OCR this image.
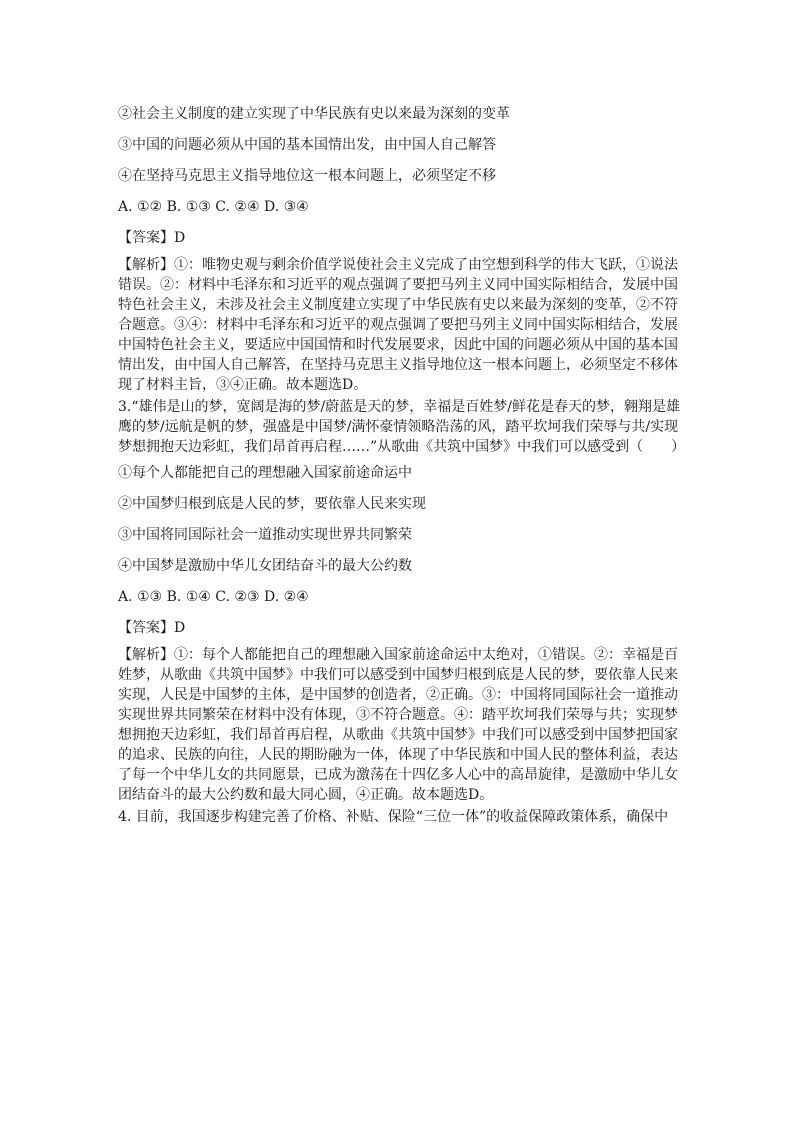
②社会主义制度的建立实现了中华民族有史以来最为深刻的变革
③中国的问题必须从中国的基本国情出发，由中国人自己解答
④在坚持马克思主义指导地位这一根本问题上，必须坚定不移
A. ①② B. ①③ C. ②④ D. ③④
【答案】D
【解析】①：唯物史观与剩余价值学说使社会主义完成了由空想到科学的伟大飞跃，①说法
错误。②：材料中毛泽东和习近平的观点强调了要把马列主义同中国实际相结合，发展中国
特色社会主义，未涉及社会主义制度建立实现了中华民族有史以来最为深刻的变革，②不符
合题意。③④：材料中毛泽东和习近平的观点强调了要把马列主义同中国实际相结合，发展
中国特色社会主义，要适应中国国情和时代发展要求，因此中国的问题必须从中国的基本国
情出发，由中国人自己解答，在坚持马克思主义指导地位这一根本问题上，必须坚定不移体
现了材料主旨，③④正确。故本题选D。
3.“雄伟是山的梦，宽阔是海的梦/蔚蓝是天的梦，幸福是百姓梦/鲜花是春天的梦，翱翔是雄
鹰的梦/远航是帆的梦，强盛是中国梦/满怀豪情领略浩荡的风，踏平坎坷我们荣辱与共/实现
梦想拥抱天边彩虹，我们昂首再启程……”从歌曲《共筑中国梦》中我们可以感受到（　　）
①每个人都能把自己的理想融入国家前途命运中
②中国梦归根到底是人民的梦，要依靠人民来实现
③中国将同国际社会一道推动实现世界共同繁荣
④中国梦是激励中华儿女团结奋斗的最大公约数
A. ①③ B. ①④ C. ②③ D. ②④
【答案】D
【解析】①：每个人都能把自己的理想融入国家前途命运中太绝对，①错误。②：幸福是百
姓梦，从歌曲《共筑中国梦》中我们可以感受到中国梦归根到底是人民的梦，要依靠人民来
实现，人民是中国梦的主体，是中国梦的创造者，②正确。③：中国将同国际社会一道推动
实现世界共同繁荣在材料中没有体现，③不符合题意。④：踏平坎坷我们荣辱与共；实现梦
想拥抱天边彩虹，我们昂首再启程，从歌曲《共筑中国梦》中我们可以感受到中国梦把国家
的追求、民族的向往，人民的期盼融为一体，体现了中华民族和中国人民的整体利益，表达
了每一个中华儿女的共同愿景，已成为激荡在十四亿多人心中的高昂旋律，是激励中华儿女
团结奋斗的最大公约数和最大同心圆，④正确。故本题选D。
4. 目前，我国逐步构建完善了价格、补贴、保险“三位一体”的收益保障政策体系，确保中
